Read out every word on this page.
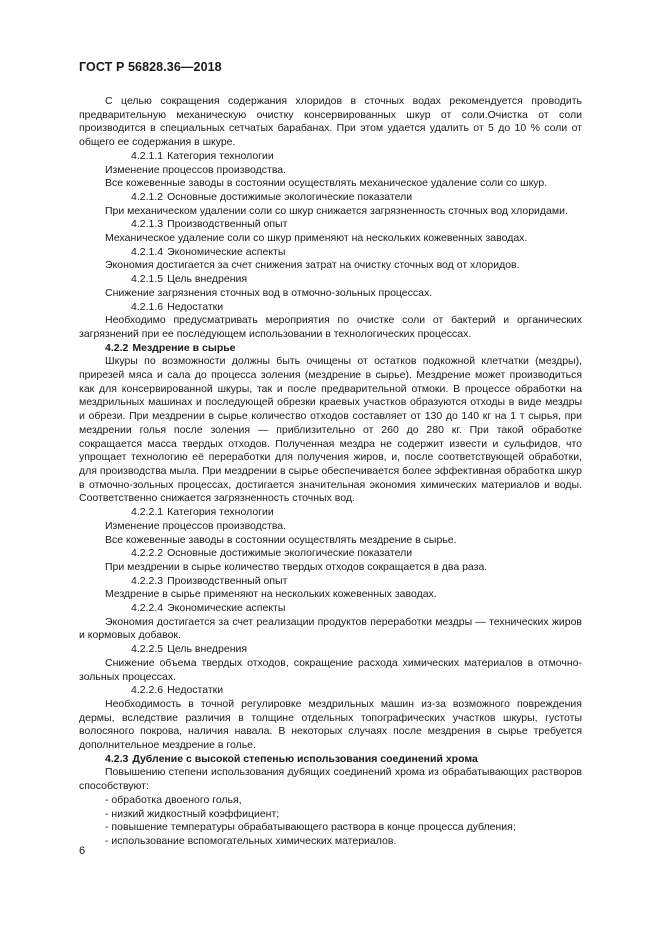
ГОСТ Р 56828.36—2018

С целью сокращения содержания хлоридов в сточных водах рекомендуется проводить предварительную механическую очистку консервированных шкур от соли.Очистка от соли производится в специальных сетчатых барабанах. При этом удается удалить от 5 до 10 % соли от общего ее содержания в шкуре.

4.2.1.1 Категория технологии

Изменение процессов производства.

Все кожевенные заводы в состоянии осуществлять механическое удаление соли со шкур.

4.2.1.2 Основные достижимые экологические показатели

При механическом удалении соли со шкур снижается загрязненность сточных вод хлоридами.

4.2.1.3 Производственный опыт

Механическое удаление соли со шкур применяют на нескольких кожевенных заводах.

4.2.1.4 Экономические аспекты

Экономия достигается за счет снижения затрат на очистку сточных вод от хлоридов.

4.2.1.5 Цель внедрения

Снижение загрязнения сточных вод в отмочно-зольных процессах.

4.2.1.6 Недостатки

Необходимо предусматривать мероприятия по очистке соли от бактерий и органических загрязнений при ее последующем использовании в технологических процессах.

4.2.2 Мездрение в сырье

Шкуры по возможности должны быть очищены от остатков подкожной клетчатки (мездры), прирезей мяса и сала до процесса золения (мездрение в сырье). Мездрение может производиться как для консервированной шкуры, так и после предварительной отмоки. В процессе обработки на мездрильных машинах и последующей обрезки краевых участков образуются отходы в виде мездры и обрези. При мездрении в сырье количество отходов составляет от 130 до 140 кг на 1 т сырья, при мездрении голья после золения — приблизительно от 260 до 280 кг. При такой обработке сокращается масса твердых отходов. Полученная мездра не содержит извести и сульфидов, что упрощает технологию её переработки для получения жиров, и, после соответствующей обработки, для производства мыла. При мездрении в сырье обеспечивается более эффективная обработка шкур в отмочно-зольных процессах, достигается значительная экономия химических материалов и воды. Соответственно снижается загрязненность сточных вод.

4.2.2.1 Категория технологии

Изменение процессов производства.

Все кожевенные заводы в состоянии осуществлять мездрение в сырье.

4.2.2.2 Основные достижимые экологические показатели

При мездрении в сырье количество твердых отходов сокращается в два раза.

4.2.2.3 Производственный опыт

Мездрение в сырье применяют на нескольких кожевенных заводах.

4.2.2.4 Экономические аспекты

Экономия достигается за счет реализации продуктов переработки мездры — технических жиров и кормовых добавок.

4.2.2.5 Цель внедрения

Снижение объема твердых отходов, сокращение расхода химических материалов в отмочно-зольных процессах.

4.2.2.6 Недостатки

Необходимость в точной регулировке мездрильных машин из-за возможного повреждения дермы, вследствие различия в толщине отдельных топографических участков шкуры, густоты волосяного покрова, наличия навала. В некоторых случаях после мездрения в сырье требуется дополнительное мездрение в голье.

4.2.3 Дубление с высокой степенью использования соединений хрома

Повышению степени использования дубящих соединений хрома из обрабатывающих растворов способствуют:

- обработка двоеного голья,

- низкий жидкостный коэффициент;

- повышение температуры обрабатывающего раствора в конце процесса дубления;

- использование вспомогательных химических материалов.

6
